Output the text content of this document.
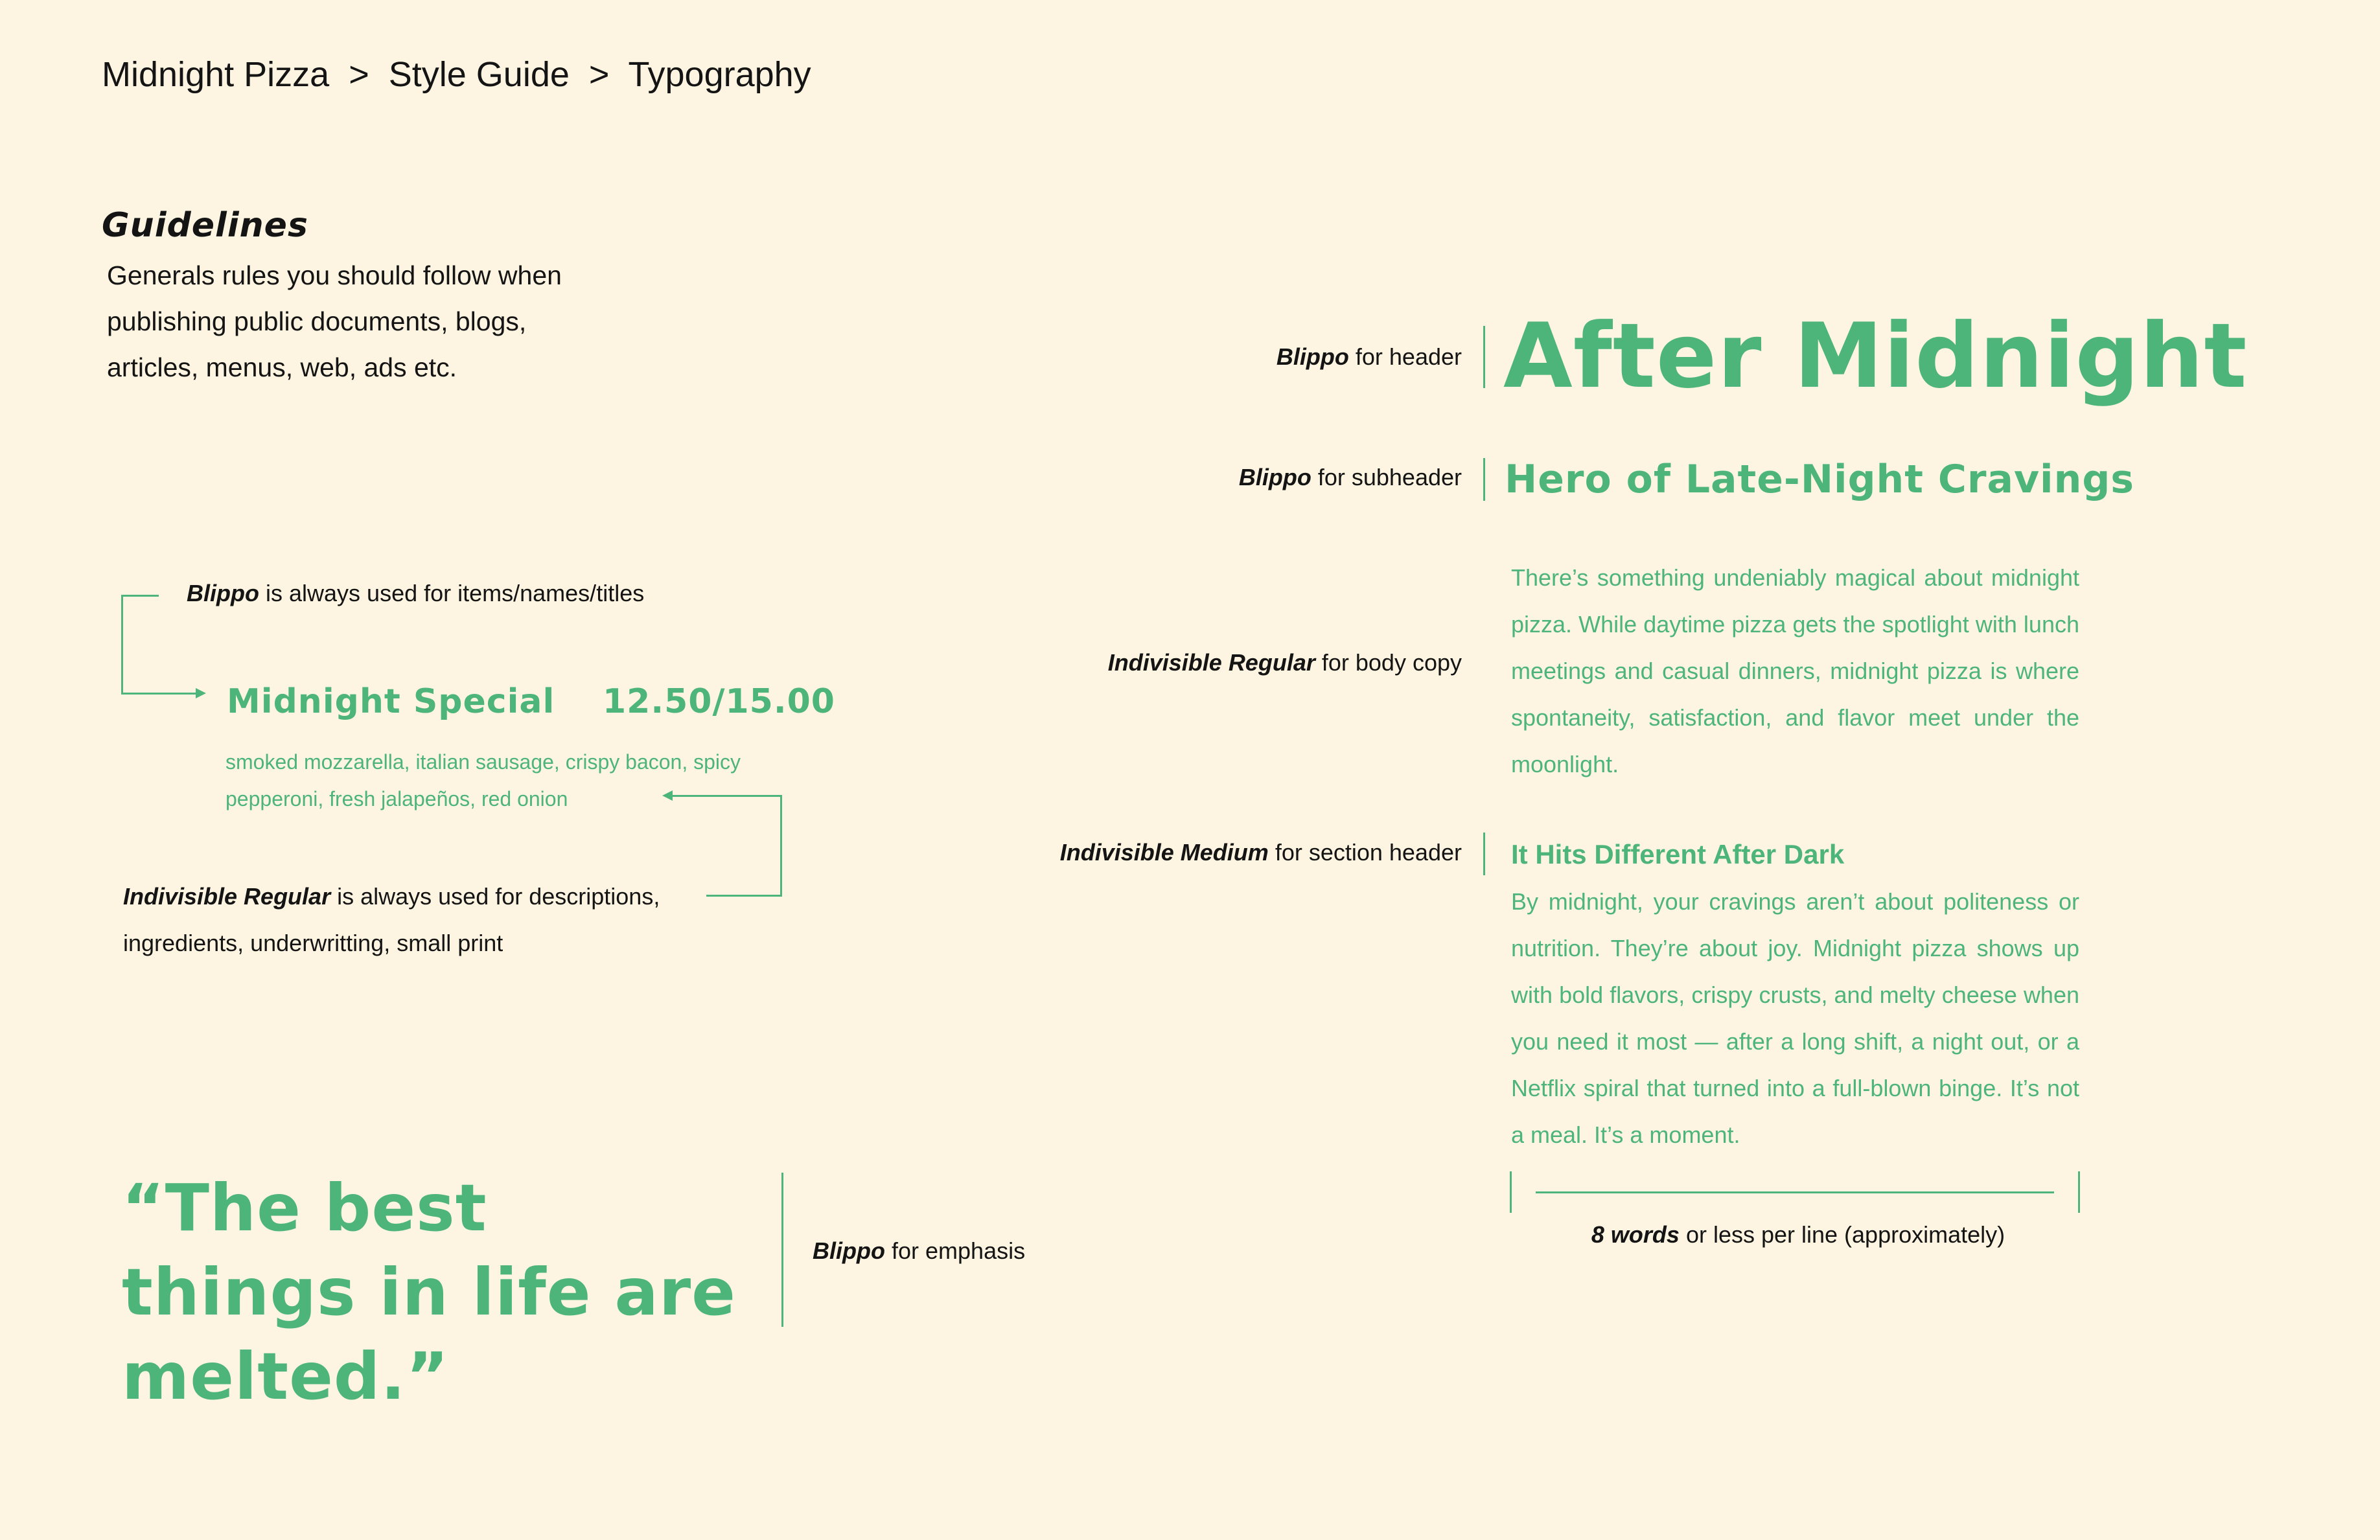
Midnight Pizza  >  Style Guide  >  Typography
Guidelines
Generals rules you should follow when publishing public documents, blogs, articles, menus, web, ads etc.	Blippo for header After Midnight
Blippo for subheader Hero of Late-Night Cravings
Indivisible Regular for body copy
There’s something undeniably magical about midnight pizza. While daytime pizza gets the spotlight with lunch meetings and casual dinners, midnight pizza is where spontaneity, satisfaction, and flavor meet under the moonlight.
Indivisible Medium for section header It Hits Different After Dark
By midnight, your cravings aren’t about politeness or nutrition. They’re about joy. Midnight pizza shows up with bold flavors, crispy crusts, and melty cheese when you need it most — after a long shift, a night out, or a Netflix spiral that turned into a full-blown binge. It’s not a meal. It’s a moment.
8 words or less per line (approximately)
Blippo is always used for items/names/titles
Midnight Special 12.50/15.00
smoked mozzarella, italian sausage, crispy bacon, spicy pepperoni, fresh jalapeños, red onion
Indivisible Regular is always used for descriptions, ingredients, underwritting, small print
“The best things in life are melted.”
Blippo for emphasis
